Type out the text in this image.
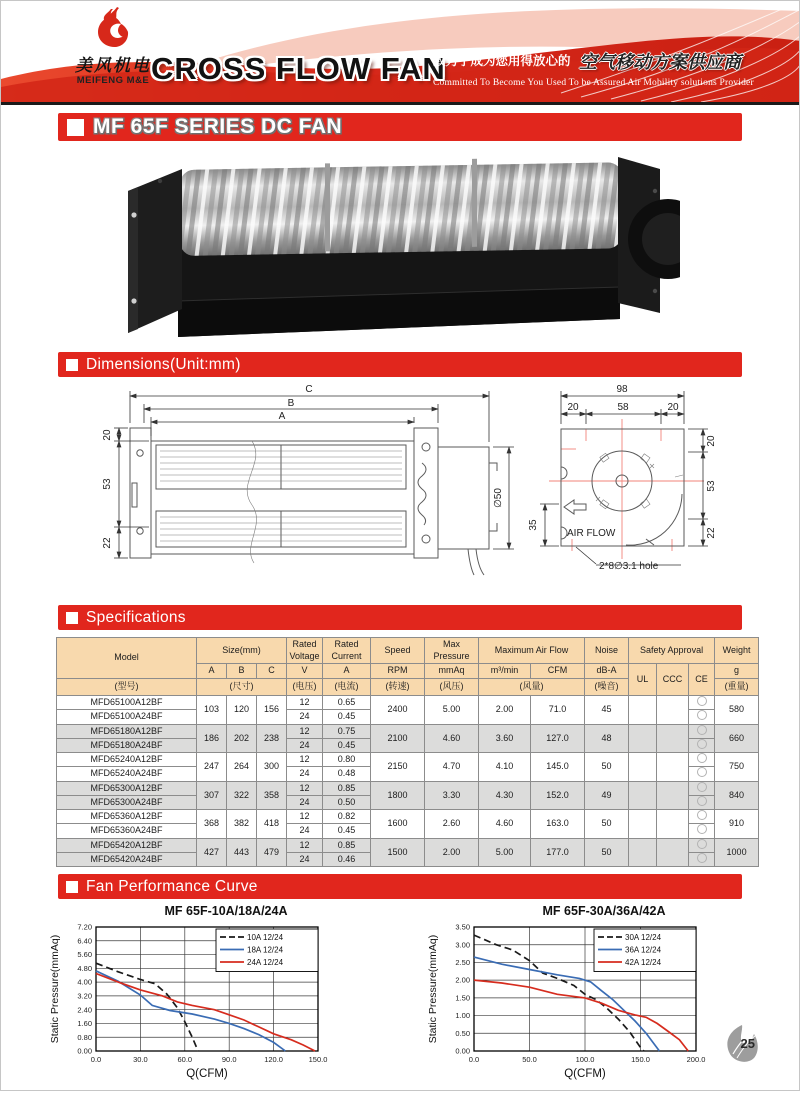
美风机电
MEIFENG M&E CROSS FLOW FAN
致力于成为您用得放心的 空气移动方案供应商
Committed To Become You Used To be Assured Air Mobility solutions Provider
MF 65F SERIES DC FAN
Dimensions(Unit:mm)
C
B
A
20
53
22
∅50
98
20	58	20
20
53
22
35
AIR FLOW
2*8∅3.1 hole
Specifications
Model	Size(mm)			Rated Voltage	Rated Current	Speed	Max Pressure	Maximum Air Flow		Noise	Safety Approval			Weight
	A	B	C	V	A	RPM	mmAq	m³/min	CFM	dB-A	UL	CCC	CE	g
(型号)	(尺寸)			(电压)	(电流)	(转速)	(风压)	(风量)		(噪音)				(重量)
MFD65100A12BF	103	120	156	12	0.65	2400	5.00	2.00	71.0	45				580
MFD65100A24BF				24	0.45									
MFD65180A12BF	186	202	238	12	0.75	2100	4.60	3.60	127.0	48				660
MFD65180A24BF				24	0.45									
MFD65240A12BF	247	264	300	12	0.80	2150	4.70	4.10	145.0	50				750
MFD65240A24BF				24	0.48									
MFD65300A12BF	307	322	358	12	0.85	1800	3.30	4.30	152.0	49				840
MFD65300A24BF				24	0.50									
MFD65360A12BF	368	382	418	12	0.82	1600	2.60	4.60	163.0	50				910
MFD65360A24BF				24	0.45									
MFD65420A12BF	427	443	479	12	0.85	1500	2.00	5.00	177.0	50				1000
MFD65420A24BF				24	0.46									
Fan Performance Curve
MF 65F-10A/18A/24A
0.0	30.0	60.0	90.0	120.0	150.0
0.00
0.80
1.60
2.40
3.20
4.00
4.80
5.60
6.40
7.20
10A 12/24
18A 12/24
24A 12/24
Q(CFM)
Static Pressure(mmAq)
MF 65F-30A/36A/42A
0.0	50.0	100.0	150.0	200.0
0.00
0.50
1.00
1.50
2.00
2.50
3.00
3.50
30A 12/24
36A 12/24
42A 12/24
Q(CFM)
Static Pressure(mmAq)
25
